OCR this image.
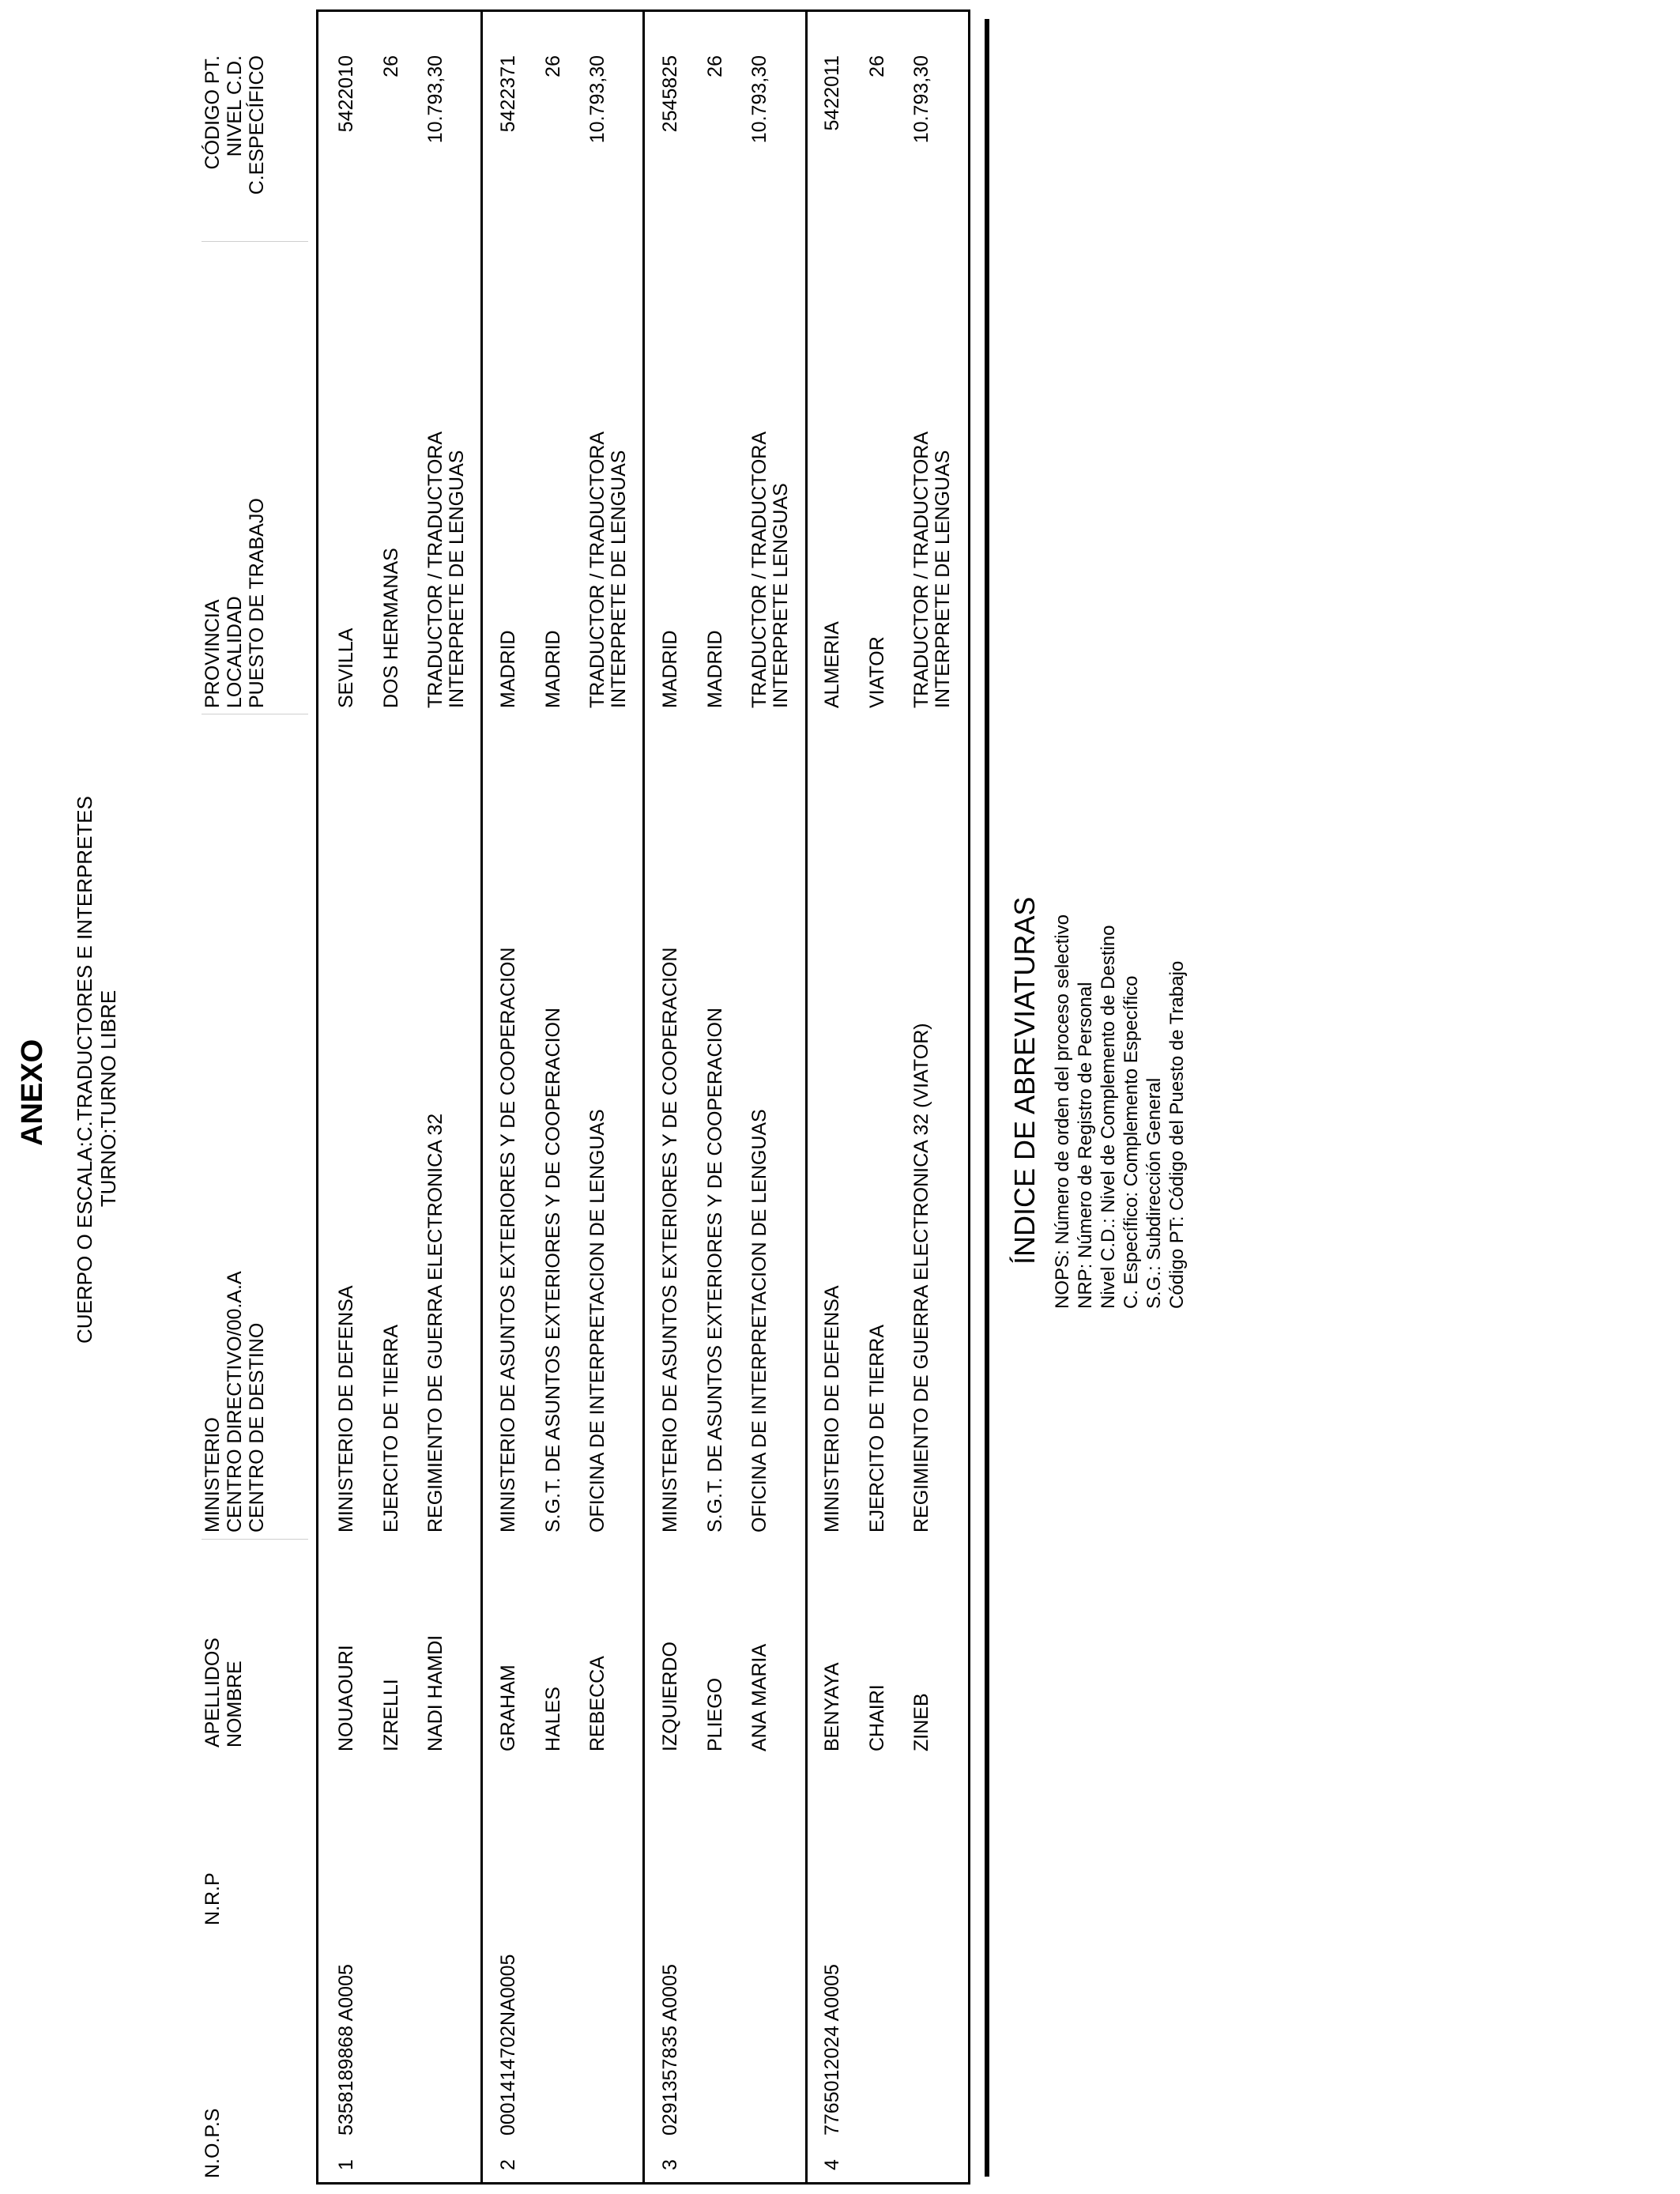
ANEXO CUERPO O ESCALA:C.TRADUCTORES E INTERPRETES TURNO:TURNO LIBRE
N.O.P.S
N.R.P
APELLIDOS NOMBRE
MINISTERIO CENTRO DIRECTIVO/00.A.A CENTRO DE DESTINO
PROVINCIA LOCALIDAD PUESTO DE TRABAJO
CÓDIGO PT. NIVEL C.D. C.ESPECÍFICO
1
5358189868 A0005
NOUAOURI IZRELLI NADI HAMDI
MINISTERIO DE DEFENSA EJERCITO DE TIERRA REGIMIENTO DE GUERRA ELECTRONICA 32
SEVILLA DOS HERMANAS TRADUCTOR / TRADUCTORA INTERPRETE DE LENGUAS
5422010 26 10.793,30
2
0001414702NA0005
GRAHAM HALES REBECCA
MINISTERIO DE ASUNTOS EXTERIORES Y DE COOPERACION S.G.T. DE ASUNTOS EXTERIORES Y DE COOPERACION OFICINA DE INTERPRETACION DE LENGUAS
MADRID MADRID TRADUCTOR / TRADUCTORA INTERPRETE DE LENGUAS
5422371 26 10.793,30
3
0291357835 A0005
IZQUIERDO PLIEGO ANA MARIA
MINISTERIO DE ASUNTOS EXTERIORES Y DE COOPERACION S.G.T. DE ASUNTOS EXTERIORES Y DE COOPERACION OFICINA DE INTERPRETACION DE LENGUAS
MADRID MADRID TRADUCTOR / TRADUCTORA INTERPRETE LENGUAS
2545825 26 10.793,30
4
7765012024 A0005
BENYAYA CHAIRI ZINEB
MINISTERIO DE DEFENSA EJERCITO DE TIERRA REGIMIENTO DE GUERRA ELECTRONICA 32 (VIATOR)
ALMERIA VIATOR TRADUCTOR / TRADUCTORA INTERPRETE DE LENGUAS
5422011 26 10.793,30
ÍNDICE DE ABREVIATURAS NOPS: Número de orden del proceso selectivo NRP: Número de Registro de Personal Nivel C.D.: Nivel de Complemento de Destino C. Específico: Complemento Específico S.G.: Subdirección General Código PT: Código del Puesto de Trabajo
